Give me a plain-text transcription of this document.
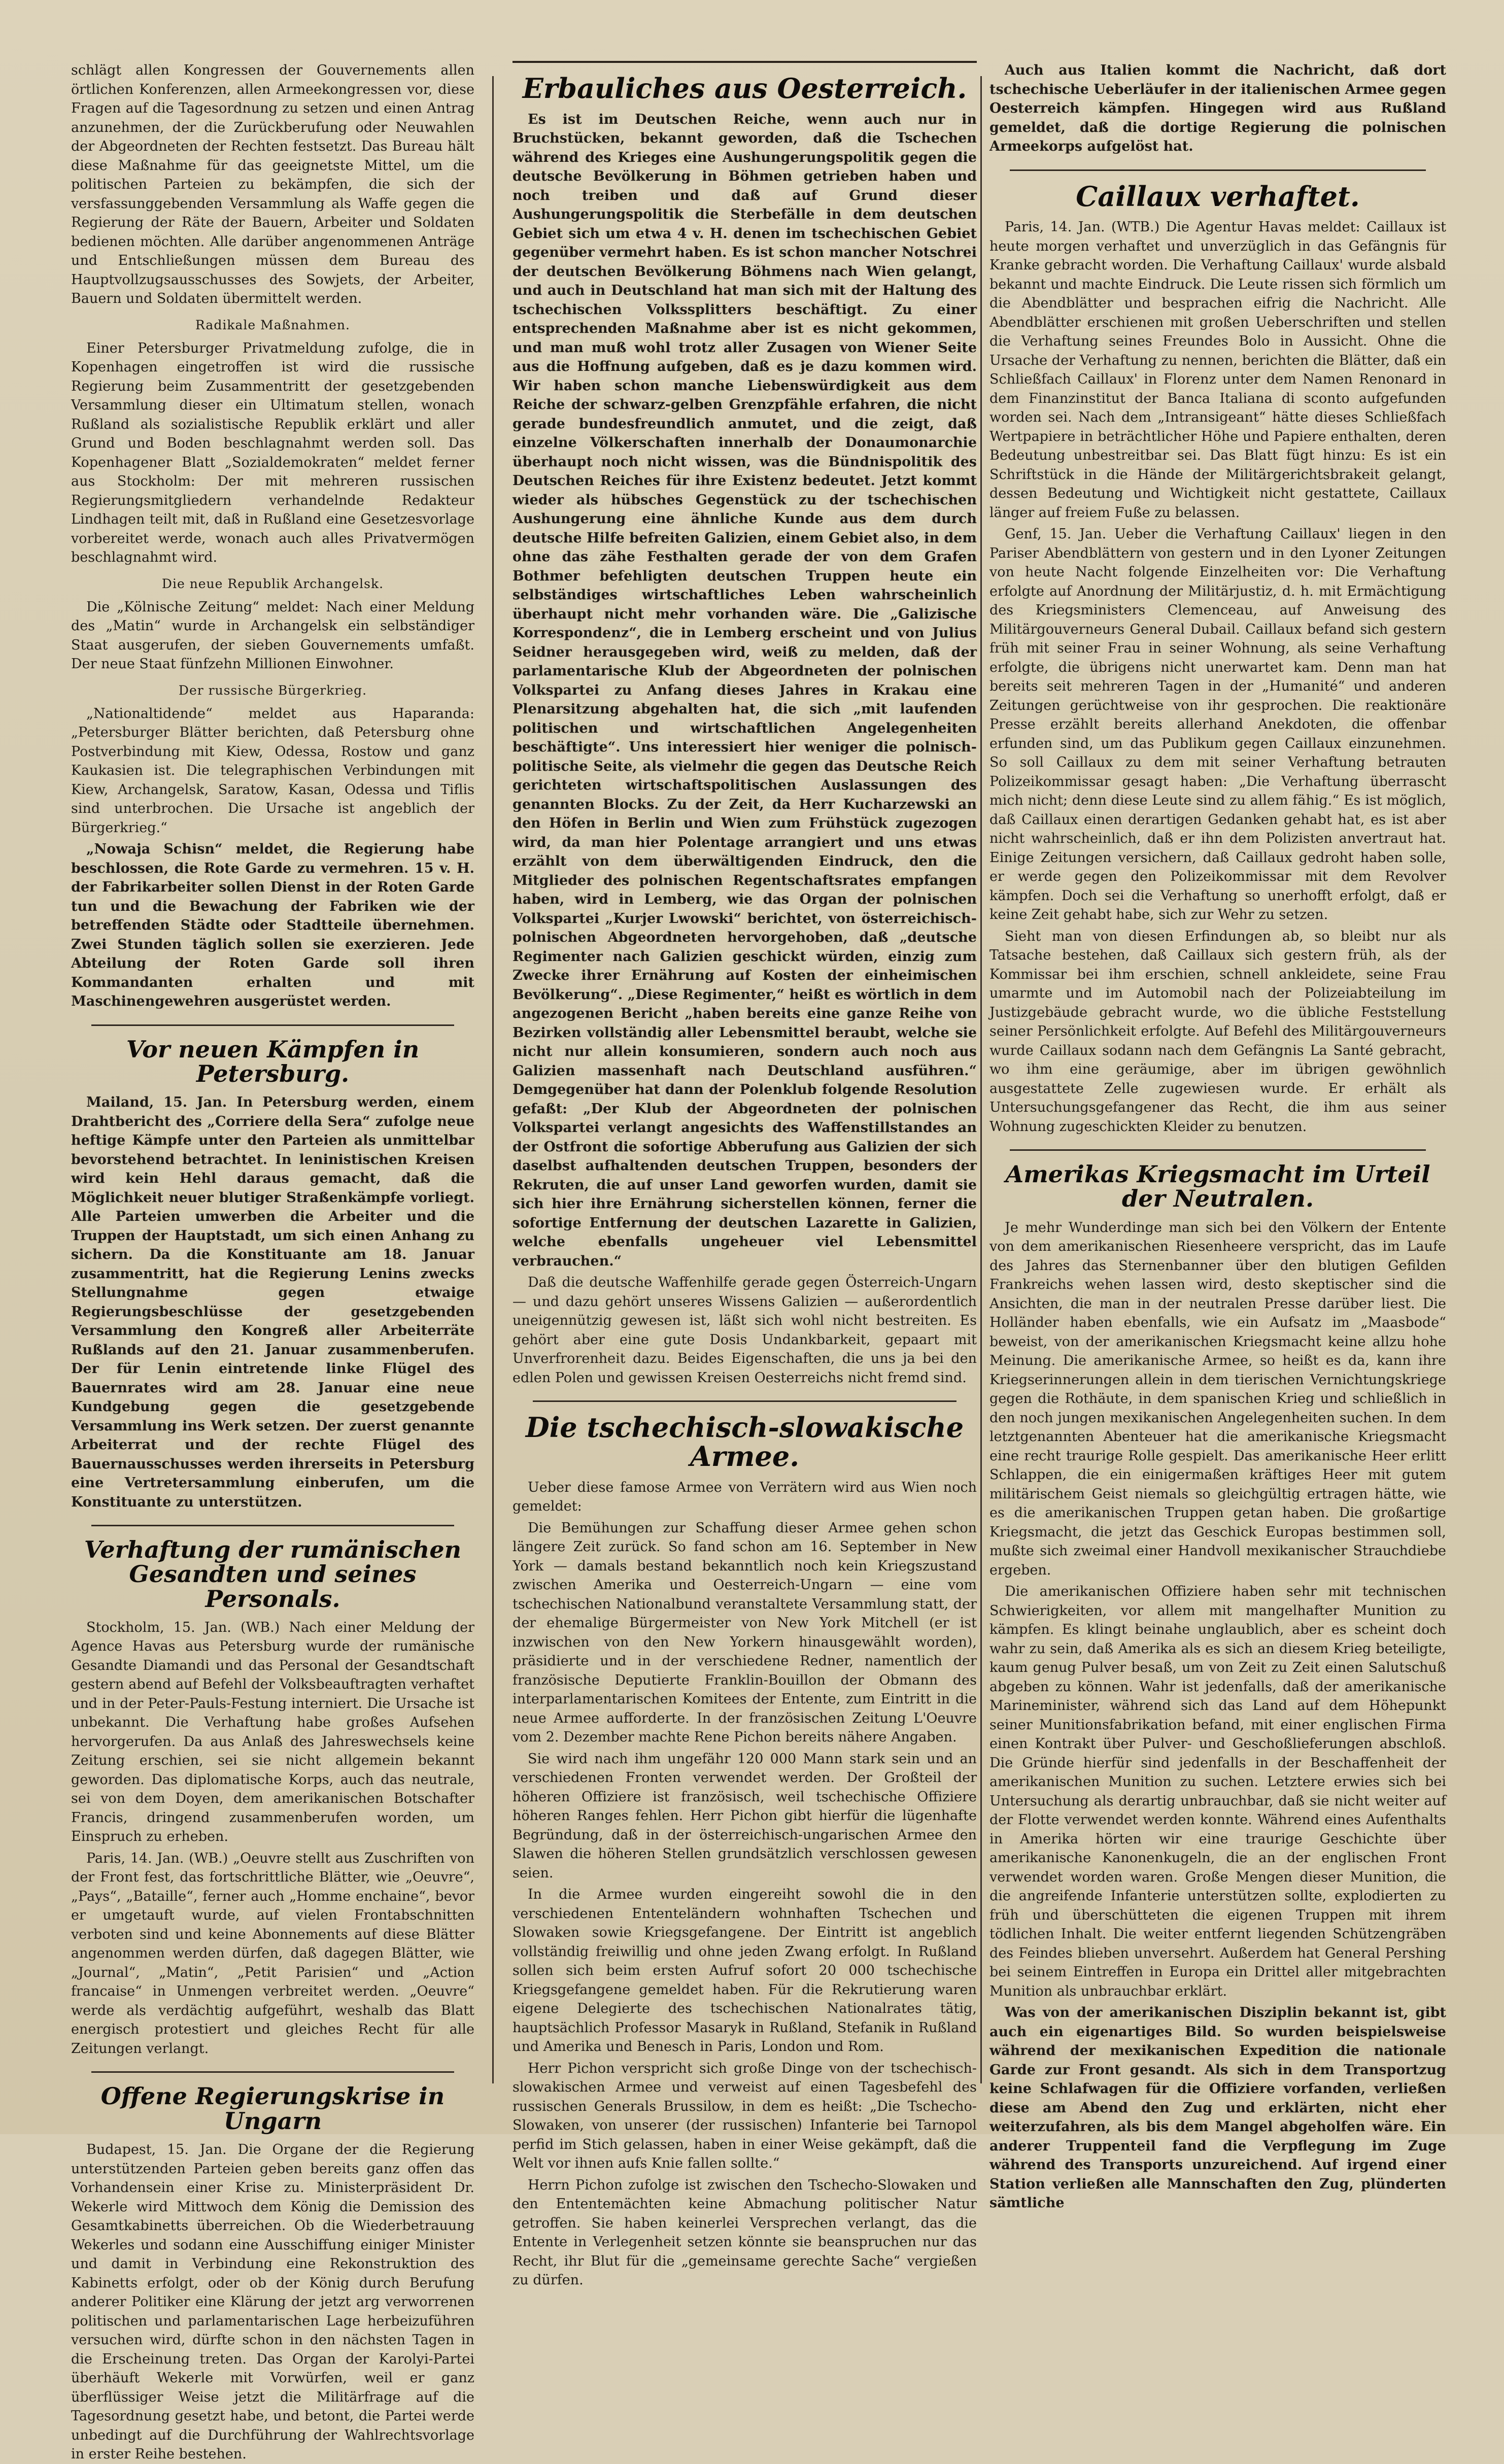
schlägt allen Kongressen der Gouvernements allen örtlichen Konferenzen, allen Armeekongressen vor, diese Fragen auf die Tagesordnung zu setzen und einen Antrag anzunehmen, der die Zurückberufung oder Neuwahlen der Abgeordneten der Rechten festsetzt. Das Bureau hält diese Maßnahme für das geeignetste Mittel, um die politischen Parteien zu bekämpfen, die sich der versfassunggebenden Versammlung als Waffe gegen die Regierung der Räte der Bauern, Arbeiter und Soldaten bedienen möchten. Alle darüber angenommenen Anträge und Entschließungen müssen dem Bureau des Hauptvollzugsausschusses des Sowjets, der Arbeiter, Bauern und Soldaten übermittelt werden.

Radikale Maßnahmen.

Einer Petersburger Privatmeldung zufolge, die in Kopenhagen eingetroffen ist wird die russische Regierung beim Zusammentritt der gesetzgebenden Versammlung dieser ein Ultimatum stellen, wonach Rußland als sozialistische Republik erklärt und aller Grund und Boden beschlagnahmt werden soll. Das Kopenhagener Blatt „Sozialdemokraten“ meldet ferner aus Stockholm: Der mit mehreren russischen Regierungsmitgliedern verhandelnde Redakteur Lindhagen teilt mit, daß in Rußland eine Gesetzesvorlage vorbereitet werde, wonach auch alles Privatvermögen beschlagnahmt wird.

Die neue Republik Archangelsk.

Die „Kölnische Zeitung“ meldet: Nach einer Meldung des „Matin“ wurde in Archangelsk ein selbständiger Staat ausgerufen, der sieben Gouvernements umfaßt. Der neue Staat fünfzehn Millionen Einwohner.

Der russische Bürgerkrieg.

„Nationaltidende“ meldet aus Haparanda: „Petersburger Blätter berichten, daß Petersburg ohne Postverbindung mit Kiew, Odessa, Rostow und ganz Kaukasien ist. Die telegraphischen Verbindungen mit Kiew, Archangelsk, Saratow, Kasan, Odessa und Tiflis sind unterbrochen. Die Ursache ist angeblich der Bürgerkrieg.“

„Nowaja Schisn“ meldet, die Regierung habe beschlossen, die Rote Garde zu vermehren. 15 v. H. der Fabrikarbeiter sollen Dienst in der Roten Garde tun und die Bewachung der Fabriken wie der betreffenden Städte oder Stadtteile übernehmen. Zwei Stunden täglich sollen sie exerzieren. Jede Abteilung der Roten Garde soll ihren Kommandanten erhalten und mit Maschinengewehren ausgerüstet werden.

Vor neuen Kämpfen in Petersburg.

Mailand, 15. Jan. In Petersburg werden, einem Drahtbericht des „Corriere della Sera“ zufolge neue heftige Kämpfe unter den Parteien als unmittelbar bevorstehend betrachtet. In leninistischen Kreisen wird kein Hehl daraus gemacht, daß die Möglichkeit neuer blutiger Straßenkämpfe vorliegt. Alle Parteien umwerben die Arbeiter und die Truppen der Hauptstadt, um sich einen Anhang zu sichern. Da die Konstituante am 18. Januar zusammentritt, hat die Regierung Lenins zwecks Stellungnahme gegen etwaige Regierungsbeschlüsse der gesetzgebenden Versammlung den Kongreß aller Arbeiterräte Rußlands auf den 21. Januar zusammenberufen. Der für Lenin eintretende linke Flügel des Bauernrates wird am 28. Januar eine neue Kundgebung gegen die gesetzgebende Versammlung ins Werk setzen. Der zuerst genannte Arbeiterrat und der rechte Flügel des Bauernausschusses werden ihrerseits in Petersburg eine Vertretersammlung einberufen, um die Konstituante zu unterstützen.

Verhaftung der rumänischen Gesandten und seines Personals.

Stockholm, 15. Jan. (WB.) Nach einer Meldung der Agence Havas aus Petersburg wurde der rumänische Gesandte Diamandi und das Personal der Gesandtschaft gestern abend auf Befehl der Volksbeauftragten verhaftet und in der Peter-Pauls-Festung interniert. Die Ursache ist unbekannt. Die Verhaftung habe großes Aufsehen hervorgerufen. Da aus Anlaß des Jahreswechsels keine Zeitung erschien, sei sie nicht allgemein bekannt geworden. Das diplomatische Korps, auch das neutrale, sei von dem Doyen, dem amerikanischen Botschafter Francis, dringend zusammenberufen worden, um Einspruch zu erheben.

Paris, 14. Jan. (WB.) „Oeuvre stellt aus Zuschriften von der Front fest, das fortschrittliche Blätter, wie „Oeuvre“, „Pays“, „Bataille“, ferner auch „Homme enchaine“, bevor er umgetauft wurde, auf vielen Frontabschnitten verboten sind und keine Abonnements auf diese Blätter angenommen werden dürfen, daß dagegen Blätter, wie „Journal“, „Matin“, „Petit Parisien“ und „Action francaise“ in Unmengen verbreitet werden. „Oeuvre“ werde als verdächtig aufgeführt, weshalb das Blatt energisch protestiert und gleiches Recht für alle Zeitungen verlangt.

Offene Regierungskrise in Ungarn

Budapest, 15. Jan. Die Organe der die Regierung unterstützenden Parteien geben bereits ganz offen das Vorhandensein einer Krise zu. Ministerpräsident Dr. Wekerle wird Mittwoch dem König die Demission des Gesamtkabinetts überreichen. Ob die Wiederbetrauung Wekerles und sodann eine Ausschiffung einiger Minister und damit in Verbindung eine Rekonstruktion des Kabinetts erfolgt, oder ob der König durch Berufung anderer Politiker eine Klärung der jetzt arg verworrenen politischen und parlamentarischen Lage herbeizuführen versuchen wird, dürfte schon in den nächsten Tagen in die Erscheinung treten. Das Organ der Karolyi-Partei überhäuft Wekerle mit Vorwürfen, weil er ganz überflüssiger Weise jetzt die Militärfrage auf die Tagesordnung gesetzt habe, und betont, die Partei werde unbedingt auf die Durchführung der Wahlrechtsvorlage in erster Reihe bestehen.

Erbauliches aus Oesterreich.

Es ist im Deutschen Reiche, wenn auch nur in Bruchstücken, bekannt geworden, daß die Tschechen während des Krieges eine Aushungerungspolitik gegen die deutsche Bevölkerung in Böhmen getrieben haben und noch treiben und daß auf Grund dieser Aushungerungspolitik die Sterbefälle in dem deutschen Gebiet sich um etwa 4 v. H. denen im tschechischen Gebiet gegenüber vermehrt haben. Es ist schon mancher Notschrei der deutschen Bevölkerung Böhmens nach Wien gelangt, und auch in Deutschland hat man sich mit der Haltung des tschechischen Volkssplitters beschäftigt. Zu einer entsprechenden Maßnahme aber ist es nicht gekommen, und man muß wohl trotz aller Zusagen von Wiener Seite aus die Hoffnung aufgeben, daß es je dazu kommen wird. Wir haben schon manche Liebenswürdigkeit aus dem Reiche der schwarz-gelben Grenzpfähle erfahren, die nicht gerade bundesfreundlich anmutet, und die zeigt, daß einzelne Völkerschaften innerhalb der Donaumonarchie überhaupt noch nicht wissen, was die Bündnispolitik des Deutschen Reiches für ihre Existenz bedeutet. Jetzt kommt wieder als hübsches Gegenstück zu der tschechischen Aushungerung eine ähnliche Kunde aus dem durch deutsche Hilfe befreiten Galizien, einem Gebiet also, in dem ohne das zähe Festhalten gerade der von dem Grafen Bothmer befehligten deutschen Truppen heute ein selbständiges wirtschaftliches Leben wahrscheinlich überhaupt nicht mehr vorhanden wäre. Die „Galizische Korrespondenz“, die in Lemberg erscheint und von Julius Seidner herausgegeben wird, weiß zu melden, daß der parlamentarische Klub der Abgeordneten der polnischen Volkspartei zu Anfang dieses Jahres in Krakau eine Plenarsitzung abgehalten hat, die sich „mit laufenden politischen und wirtschaftlichen Angelegenheiten beschäftigte“. Uns interessiert hier weniger die polnisch-politische Seite, als vielmehr die gegen das Deutsche Reich gerichteten wirtschaftspolitischen Auslassungen des genannten Blocks. Zu der Zeit, da Herr Kucharzewski an den Höfen in Berlin und Wien zum Frühstück zugezogen wird, da man hier Polentage arrangiert und uns etwas erzählt von dem überwältigenden Eindruck, den die Mitglieder des polnischen Regentschaftsrates empfangen haben, wird in Lemberg, wie das Organ der polnischen Volkspartei „Kurjer Lwowski“ berichtet, von österreichisch-polnischen Abgeordneten hervorgehoben, daß „deutsche Regimenter nach Galizien geschickt würden, einzig zum Zwecke ihrer Ernährung auf Kosten der einheimischen Bevölkerung“. „Diese Regimenter,“ heißt es wörtlich in dem angezogenen Bericht „haben bereits eine ganze Reihe von Bezirken vollständig aller Lebensmittel beraubt, welche sie nicht nur allein konsumieren, sondern auch noch aus Galizien massenhaft nach Deutschland ausführen.“ Demgegenüber hat dann der Polenklub folgende Resolution gefaßt: „Der Klub der Abgeordneten der polnischen Volkspartei verlangt angesichts des Waffenstillstandes an der Ostfront die sofortige Abberufung aus Galizien der sich daselbst aufhaltenden deutschen Truppen, besonders der Rekruten, die auf unser Land geworfen wurden, damit sie sich hier ihre Ernährung sicherstellen können, ferner die sofortige Entfernung der deutschen Lazarette in Galizien, welche ebenfalls ungeheuer viel Lebensmittel verbrauchen.“

Daß die deutsche Waffenhilfe gerade gegen Österreich-Ungarn — und dazu gehört unseres Wissens Galizien — außerordentlich uneigennützig gewesen ist, läßt sich wohl nicht bestreiten. Es gehört aber eine gute Dosis Undankbarkeit, gepaart mit Unverfrorenheit dazu. Beides Eigenschaften, die uns ja bei den edlen Polen und gewissen Kreisen Oesterreichs nicht fremd sind.

Die tschechisch-slowakische Armee.

Ueber diese famose Armee von Verrätern wird aus Wien noch gemeldet:

Die Bemühungen zur Schaffung dieser Armee gehen schon längere Zeit zurück. So fand schon am 16. September in New York — damals bestand bekanntlich noch kein Kriegszustand zwischen Amerika und Oesterreich-Ungarn — eine vom tschechischen Nationalbund veranstaltete Versammlung statt, der der ehemalige Bürgermeister von New York Mitchell (er ist inzwischen von den New Yorkern hinausgewählt worden), präsidierte und in der verschiedene Redner, namentlich der französische Deputierte Franklin-Bouillon der Obmann des interparlamentarischen Komitees der Entente, zum Eintritt in die neue Armee aufforderte. In der französischen Zeitung L'Oeuvre vom 2. Dezember machte Rene Pichon bereits nähere Angaben.

Sie wird nach ihm ungefähr 120 000 Mann stark sein und an verschiedenen Fronten verwendet werden. Der Großteil der höheren Offiziere ist französisch, weil tschechische Offiziere höheren Ranges fehlen. Herr Pichon gibt hierfür die lügenhafte Begründung, daß in der österreichisch-ungarischen Armee den Slawen die höheren Stellen grundsätzlich verschlossen gewesen seien.

In die Armee wurden eingereiht sowohl die in den verschiedenen Ententeländern wohnhaften Tschechen und Slowaken sowie Kriegsgefangene. Der Eintritt ist angeblich vollständig freiwillig und ohne jeden Zwang erfolgt. In Rußland sollen sich beim ersten Aufruf sofort 20 000 tschechische Kriegsgefangene gemeldet haben. Für die Rekrutierung waren eigene Delegierte des tschechischen Nationalrates tätig, hauptsächlich Professor Masaryk in Rußland, Stefanik in Rußland und Amerika und Benesch in Paris, London und Rom.

Herr Pichon verspricht sich große Dinge von der tschechisch-slowakischen Armee und verweist auf einen Tagesbefehl des russischen Generals Brussilow, in dem es heißt: „Die Tschecho-Slowaken, von unserer (der russischen) Infanterie bei Tarnopol perfid im Stich gelassen, haben in einer Weise gekämpft, daß die Welt vor ihnen aufs Knie fallen sollte.“

Herrn Pichon zufolge ist zwischen den Tschecho-Slowaken und den Ententemächten keine Abmachung politischer Natur getroffen. Sie haben keinerlei Versprechen verlangt, das die Entente in Verlegenheit setzen könnte sie beanspruchen nur das Recht, ihr Blut für die „gemeinsame gerechte Sache“ vergießen zu dürfen.

Auch aus Italien kommt die Nachricht, daß dort tschechische Ueberläufer in der italienischen Armee gegen Oesterreich kämpfen. Hingegen wird aus Rußland gemeldet, daß die dortige Regierung die polnischen Armeekorps aufgelöst hat.

Caillaux verhaftet.

Paris, 14. Jan. (WTB.) Die Agentur Havas meldet: Caillaux ist heute morgen verhaftet und unverzüglich in das Gefängnis für Kranke gebracht worden. Die Verhaftung Caillaux' wurde alsbald bekannt und machte Eindruck. Die Leute rissen sich förmlich um die Abendblätter und besprachen eifrig die Nachricht. Alle Abendblätter erschienen mit großen Ueberschriften und stellen die Verhaftung seines Freundes Bolo in Aussicht. Ohne die Ursache der Verhaftung zu nennen, berichten die Blätter, daß ein Schließfach Caillaux' in Florenz unter dem Namen Renonard in dem Finanzinstitut der Banca Italiana di sconto aufgefunden worden sei. Nach dem „Intransigeant“ hätte dieses Schließfach Wertpapiere in beträchtlicher Höhe und Papiere enthalten, deren Bedeutung unbestreitbar sei. Das Blatt fügt hinzu: Es ist ein Schriftstück in die Hände der Militärgerichtsbrakeit gelangt, dessen Bedeutung und Wichtigkeit nicht gestattete, Caillaux länger auf freiem Fuße zu belassen.

Genf, 15. Jan. Ueber die Verhaftung Caillaux' liegen in den Pariser Abendblättern von gestern und in den Lyoner Zeitungen von heute Nacht folgende Einzelheiten vor: Die Verhaftung erfolgte auf Anordnung der Militärjustiz, d. h. mit Ermächtigung des Kriegsministers Clemenceau, auf Anweisung des Militärgouverneurs General Dubail. Caillaux befand sich gestern früh mit seiner Frau in seiner Wohnung, als seine Verhaftung erfolgte, die übrigens nicht unerwartet kam. Denn man hat bereits seit mehreren Tagen in der „Humanité“ und anderen Zeitungen gerüchtweise von ihr gesprochen. Die reaktionäre Presse erzählt bereits allerhand Anekdoten, die offenbar erfunden sind, um das Publikum gegen Caillaux einzunehmen. So soll Caillaux zu dem mit seiner Verhaftung betrauten Polizeikommissar gesagt haben: „Die Verhaftung überrascht mich nicht; denn diese Leute sind zu allem fähig.“ Es ist möglich, daß Caillaux einen derartigen Gedanken gehabt hat, es ist aber nicht wahrscheinlich, daß er ihn dem Polizisten anvertraut hat. Einige Zeitungen versichern, daß Caillaux gedroht haben solle, er werde gegen den Polizeikommissar mit dem Revolver kämpfen. Doch sei die Verhaftung so unerhofft erfolgt, daß er keine Zeit gehabt habe, sich zur Wehr zu setzen.

Sieht man von diesen Erfindungen ab, so bleibt nur als Tatsache bestehen, daß Caillaux sich gestern früh, als der Kommissar bei ihm erschien, schnell ankleidete, seine Frau umarmte und im Automobil nach der Polizeiabteilung im Justizgebäude gebracht wurde, wo die übliche Feststellung seiner Persönlichkeit erfolgte. Auf Befehl des Militärgouverneurs wurde Caillaux sodann nach dem Gefängnis La Santé gebracht, wo ihm eine geräumige, aber im übrigen gewöhnlich ausgestattete Zelle zugewiesen wurde. Er erhält als Untersuchungsgefangener das Recht, die ihm aus seiner Wohnung zugeschickten Kleider zu benutzen.

Amerikas Kriegsmacht im Urteil der Neutralen.

Je mehr Wunderdinge man sich bei den Völkern der Entente von dem amerikanischen Riesenheere verspricht, das im Laufe des Jahres das Sternenbanner über den blutigen Gefilden Frankreichs wehen lassen wird, desto skeptischer sind die Ansichten, die man in der neutralen Presse darüber liest. Die Holländer haben ebenfalls, wie ein Aufsatz im „Maasbode“ beweist, von der amerikanischen Kriegsmacht keine allzu hohe Meinung. Die amerikanische Armee, so heißt es da, kann ihre Kriegserinnerungen allein in dem tierischen Vernichtungskriege gegen die Rothäute, in dem spanischen Krieg und schließlich in den noch jungen mexikanischen Angelegenheiten suchen. In dem letztgenannten Abenteuer hat die amerikanische Kriegsmacht eine recht traurige Rolle gespielt. Das amerikanische Heer erlitt Schlappen, die ein einigermaßen kräftiges Heer mit gutem militärischem Geist niemals so gleichgültig ertragen hätte, wie es die amerikanischen Truppen getan haben. Die großartige Kriegsmacht, die jetzt das Geschick Europas bestimmen soll, mußte sich zweimal einer Handvoll mexikanischer Strauchdiebe ergeben.

Die amerikanischen Offiziere haben sehr mit technischen Schwierigkeiten, vor allem mit mangelhafter Munition zu kämpfen. Es klingt beinahe unglaublich, aber es scheint doch wahr zu sein, daß Amerika als es sich an diesem Krieg beteiligte, kaum genug Pulver besaß, um von Zeit zu Zeit einen Salutschuß abgeben zu können. Wahr ist jedenfalls, daß der amerikanische Marineminister, während sich das Land auf dem Höhepunkt seiner Munitionsfabrikation befand, mit einer englischen Firma einen Kontrakt über Pulver- und Geschoßlieferungen abschloß. Die Gründe hierfür sind jedenfalls in der Beschaffenheit der amerikanischen Munition zu suchen. Letztere erwies sich bei Untersuchung als derartig unbrauchbar, daß sie nicht weiter auf der Flotte verwendet werden konnte. Während eines Aufenthalts in Amerika hörten wir eine traurige Geschichte über amerikanische Kanonenkugeln, die an der englischen Front verwendet worden waren. Große Mengen dieser Munition, die die angreifende Infanterie unterstützen sollte, explodierten zu früh und überschütteten die eigenen Truppen mit ihrem tödlichen Inhalt. Die weiter entfernt liegenden Schützengräben des Feindes blieben unversehrt. Außerdem hat General Pershing bei seinem Eintreffen in Europa ein Drittel aller mitgebrachten Munition als unbrauchbar erklärt.

Was von der amerikanischen Disziplin bekannt ist, gibt auch ein eigenartiges Bild. So wurden beispielsweise während der mexikanischen Expedition die nationale Garde zur Front gesandt. Als sich in dem Transportzug keine Schlafwagen für die Offiziere vorfanden, verließen diese am Abend den Zug und erklärten, nicht eher weiterzufahren, als bis dem Mangel abgeholfen wäre. Ein anderer Truppenteil fand die Verpflegung im Zuge während des Transports unzureichend. Auf irgend einer Station verließen alle Mannschaften den Zug, plünderten sämtliche
